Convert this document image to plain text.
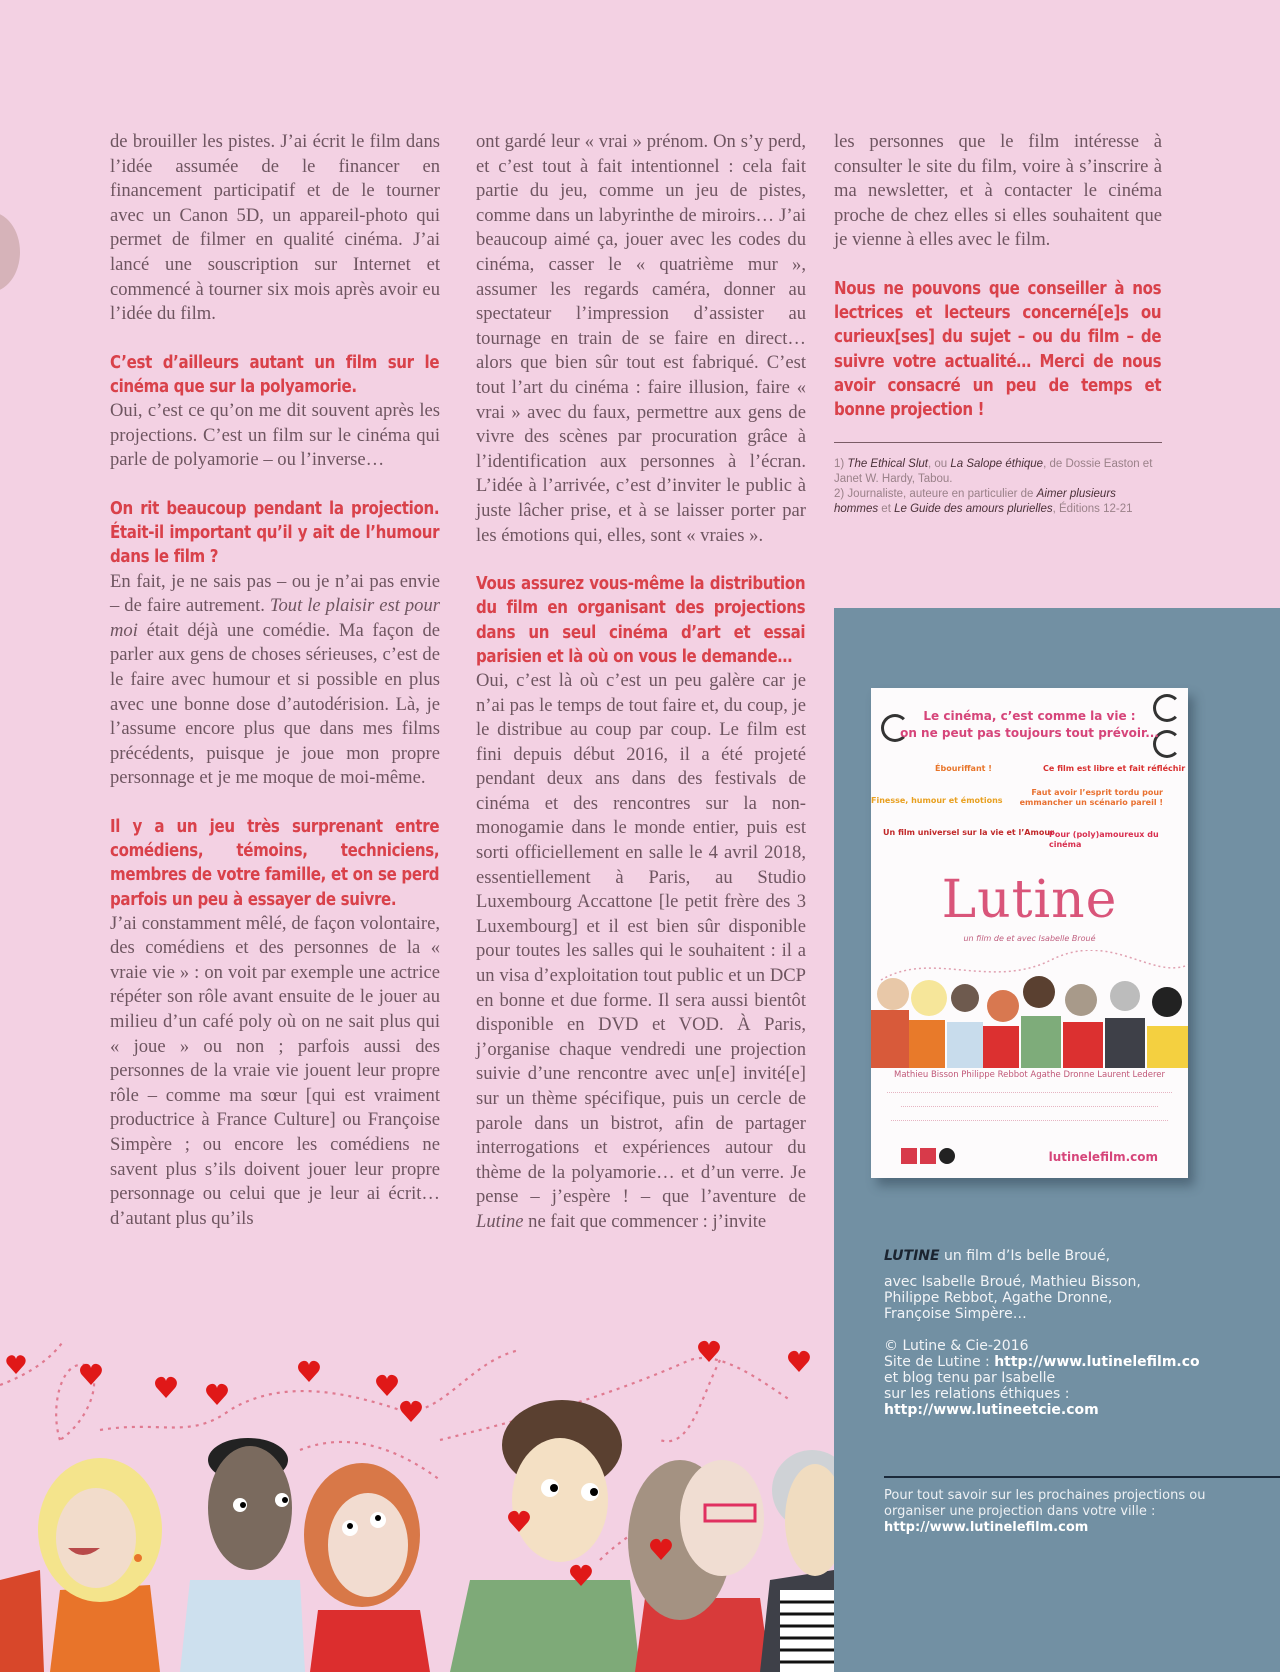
de brouiller les pistes. J’ai écrit le film dans l’idée assumée de le financer en financement participatif et de le tourner avec un Canon 5D, un appareil-photo qui permet de filmer en qualité cinéma. J’ai lancé une souscription sur Internet et commencé à tourner six mois après avoir eu l’idée du film.

C’est d’ailleurs autant un film sur le cinéma que sur la polyamorie.

Oui, c’est ce qu’on me dit souvent après les projections. C’est un film sur le cinéma qui parle de polyamorie – ou l’inverse…

On rit beaucoup pendant la projection. Était-il important qu’il y ait de l’humour dans le film ?

En fait, je ne sais pas – ou je n’ai pas envie – de faire autrement. Tout le plaisir est pour moi était déjà une comédie. Ma façon de parler aux gens de choses sérieuses, c’est de le faire avec humour et si possible en plus avec une bonne dose d’autodérision. Là, je l’assume encore plus que dans mes films précédents, puisque je joue mon propre personnage et je me moque de moi-même.

Il y a un jeu très surprenant entre comédiens, témoins, techniciens, membres de votre famille, et on se perd parfois un peu à essayer de suivre.

J’ai constamment mêlé, de façon volontaire, des comédiens et des personnes de la « vraie vie » : on voit par exemple une actrice répéter son rôle avant ensuite de le jouer au milieu d’un café poly où on ne sait plus qui « joue » ou non ; parfois aussi des personnes de la vraie vie jouent leur propre rôle – comme ma sœur [qui est vraiment productrice à France Culture] ou Françoise Simpère ; ou encore les comédiens ne savent plus s’ils doivent jouer leur propre personnage ou celui que je leur ai écrit… d’autant plus qu’ils

ont gardé leur « vrai » prénom. On s’y perd, et c’est tout à fait intentionnel : cela fait partie du jeu, comme un jeu de pistes, comme dans un labyrinthe de miroirs… J’ai beaucoup aimé ça, jouer avec les codes du cinéma, casser le « quatrième mur », assumer les regards caméra, donner au spectateur l’impression d’assister au tournage en train de se faire en direct… alors que bien sûr tout est fabriqué. C’est tout l’art du cinéma : faire illusion, faire « vrai » avec du faux, permettre aux gens de vivre des scènes par procuration grâce à l’identification aux personnes à l’écran. L’idée à l’arrivée, c’est d’inviter le public à juste lâcher prise, et à se laisser porter par les émotions qui, elles, sont « vraies ».

Vous assurez vous-même la distribution du film en organisant des projections dans un seul cinéma d’art et essai parisien et là où on vous le demande…

Oui, c’est là où c’est un peu galère car je n’ai pas le temps de tout faire et, du coup, je le distribue au coup par coup. Le film est fini depuis début 2016, il a été projeté pendant deux ans dans des festivals de cinéma et des rencontres sur la non-monogamie dans le monde entier, puis est sorti officiellement en salle le 4 avril 2018, essentiellement à Paris, au Studio Luxembourg Accattone [le petit frère des 3 Luxembourg] et il est bien sûr disponible pour toutes les salles qui le souhaitent : il a un visa d’exploitation tout public et un DCP en bonne et due forme. Il sera aussi bientôt disponible en DVD et VOD. À Paris, j’organise chaque vendredi une projection suivie d’une rencontre avec un[e] invité[e] sur un thème spécifique, puis un cercle de parole dans un bistrot, afin de partager interrogations et expériences autour du thème de la polyamorie… et d’un verre. Je pense – j’espère ! – que l’aventure de Lutine ne fait que commencer : j’invite

les personnes que le film intéresse à consulter le site du film, voire à s’inscrire à ma newsletter, et à contacter le cinéma proche de chez elles si elles souhaitent que je vienne à elles avec le film.

Nous ne pouvons que conseiller à nos lectrices et lecteurs concerné[e]s ou curieux[ses] du sujet – ou du film – de suivre votre actualité… Merci de nous avoir consacré un peu de temps et bonne projection !

1) The Ethical Slut, ou La Salope éthique, de Dossie Easton et Janet W. Hardy, Tabou.

2) Journaliste, auteure en particulier de Aimer plusieurs hommes et Le Guide des amours plurielles, Éditions 12-21

Le cinéma, c’est comme la vie :
on ne peut pas toujours tout prévoir...
Ébouriffant !	Ce film est libre et fait réfléchir
Finesse, humour et émotions
Faut avoir l’esprit tordu pour emmancher un scénario pareil !
Un film universel sur la vie et l’Amour
Pour (poly)amoureux du cinéma
Lutine
un film de et avec Isabelle Broué
Mathieu Bisson Philippe Rebbot Agathe Dronne Laurent Lederer
lutinelefilm.com

LUTINE un film d’Is belle Broué,

avec Isabelle Broué, Mathieu Bisson,

Philippe Rebbot, Agathe Dronne,

Françoise Simpère…

© Lutine & Cie-2016

Site de Lutine : http://www.lutinelefilm.co

et blog tenu par Isabelle

sur les relations éthiques :

http://www.lutineetcie.com

Pour tout savoir sur les prochaines projections ou
organiser une projection dans votre ville :
http://www.lutinelefilm.com
